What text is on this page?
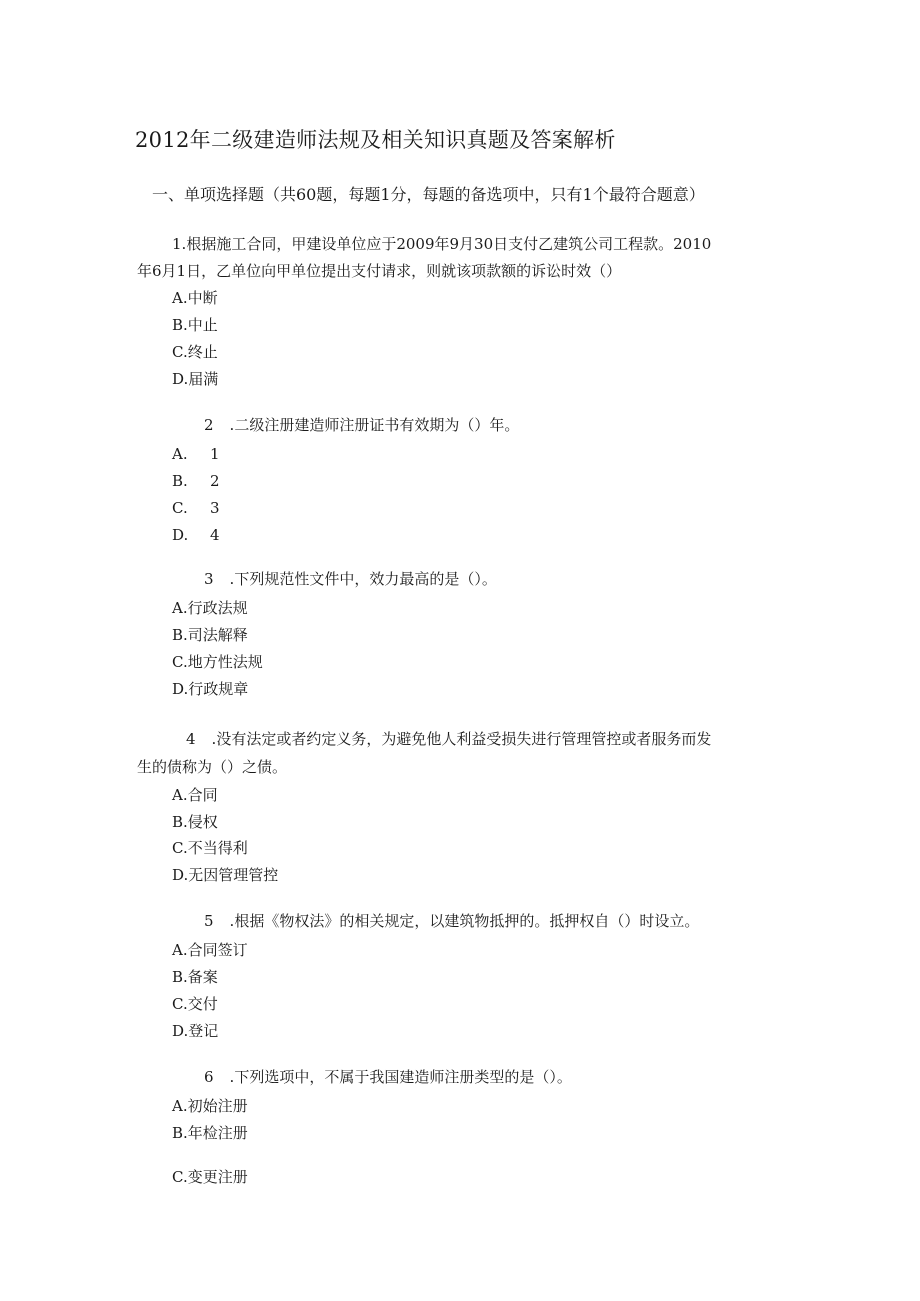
2012年二级建造师法规及相关知识真题及答案解析
一、单项选择题（共60题，每题1分，每题的备选项中，只有1个最符合题意）
1.根据施工合同，甲建设单位应于2009年9月30日支付乙建筑公司工程款。2010
年6月1日，乙单位向甲单位提出支付请求，则就该项款额的诉讼时效（）
A.中断
B.中止
C.终止
D.届满
2 .二级注册建造师注册证书有效期为（）年。
A. 1
B. 2
C. 3
D. 4
3 .下列规范性文件中，效力最高的是（）。
A.行政法规
B.司法解释
C.地方性法规
D.行政规章
4 .没有法定或者约定义务，为避免他人利益受损失进行管理管控或者服务而发
生的债称为（）之债。
A.合同
B.侵权
C.不当得利
D.无因管理管控
5 .根据《物权法》的相关规定，以建筑物抵押的。抵押权自（）时设立。
A.合同签订
B.备案
C.交付
D.登记
6 .下列选项中，不属于我国建造师注册类型的是（）。
A.初始注册
B.年检注册
C.变更注册
